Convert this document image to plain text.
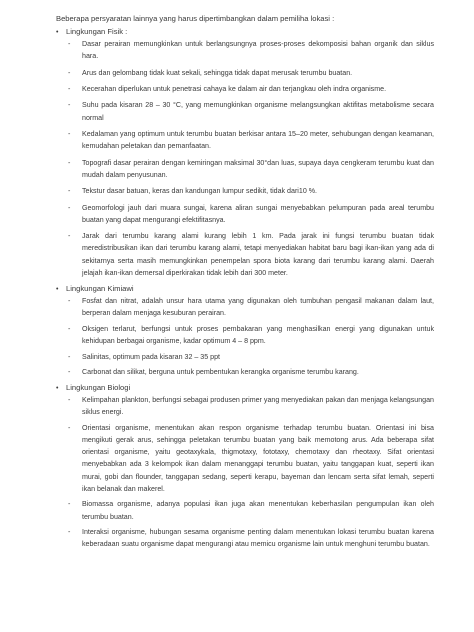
Beberapa persyaratan lainnya yang harus dipertimbangkan dalam pemiliha lokasi :

• Lingkungan Fisik :
-	Dasar perairan memungkinkan untuk berlangsungnya proses-proses dekomposisi bahan organik dan siklus hara.
-	Arus dan gelombang tidak kuat sekali, sehingga tidak dapat merusak terumbu buatan.
-	Kecerahan diperlukan untuk penetrasi cahaya ke dalam air dan terjangkau oleh indra organisme.
-	Suhu pada kisaran 28 – 30 °C, yang memungkinkan organisme melangsungkan aktifitas metabolisme secara normal
-	Kedalaman yang optimum untuk terumbu buatan berkisar antara 15–20 meter, sehubungan dengan keamanan, kemudahan peletakan dan pemanfaatan.
-	Topografi dasar perairan dengan kemiringan maksimal 30°dan luas, supaya daya cengkeram terumbu kuat dan mudah dalam penyusunan.
-	Tekstur dasar batuan, keras dan kandungan lumpur sedikit, tidak dari10 %.
-	Geomorfologi jauh dari muara sungai, karena aliran sungai menyebabkan pelumpuran pada areal terumbu buatan yang dapat mengurangi efektifitasnya.
-	Jarak dari terumbu karang alami kurang lebih 1 km. Pada jarak ini fungsi terumbu buatan tidak meredistribusikan ikan dari terumbu karang alami, tetapi menyediakan habitat baru bagi ikan-ikan yang ada di sekitarnya serta masih memungkinkan penempelan spora biota karang dari terumbu karang alami. Daerah jelajah ikan-ikan demersal diperkirakan tidak lebih dari 300 meter.
• Lingkungan Kimiawi
-	Fosfat dan nitrat, adalah unsur hara utama yang digunakan oleh tumbuhan pengasil makanan dalam laut, berperan dalam menjaga kesuburan perairan.
-	Oksigen terlarut, berfungsi untuk proses pembakaran yang menghasilkan energi yang digunakan untuk kehidupan berbagai organisme, kadar optimum 4 – 8 ppm.
-	Salinitas, optimum pada kisaran 32 – 35 ppt
-	Carbonat dan silikat, berguna untuk pembentukan kerangka organisme terumbu karang.
• Lingkungan Biologi
-	Kelimpahan plankton, berfungsi sebagai produsen primer yang menyediakan pakan dan menjaga kelangsungan siklus energi.
-	Orientasi organisme, menentukan akan respon organisme terhadap terumbu buatan. Orientasi ini bisa mengikuti gerak arus, sehingga peletakan terumbu buatan yang baik memotong arus. Ada beberapa sifat orientasi organisme, yaitu geotaxykala, thigmotaxy, fototaxy, chemotaxy dan rheotaxy. Sifat orientasi menyebabkan ada 3 kelompok ikan dalam menanggapi terumbu buatan, yaitu tanggapan kuat, seperti ikan murai, gobi dan flounder, tanggapan sedang, seperti kerapu, bayeman dan lencam serta sifat lemah, seperti ikan belanak dan makerel.
-	Biomassa organisme, adanya populasi ikan juga akan menentukan keberhasilan pengumpulan ikan oleh terumbu buatan.
-	Interaksi organisme, hubungan sesama organisme penting dalam menentukan lokasi terumbu buatan karena keberadaan suatu organisme dapat mengurangi atau memicu organisme lain untuk menghuni terumbu buatan.
